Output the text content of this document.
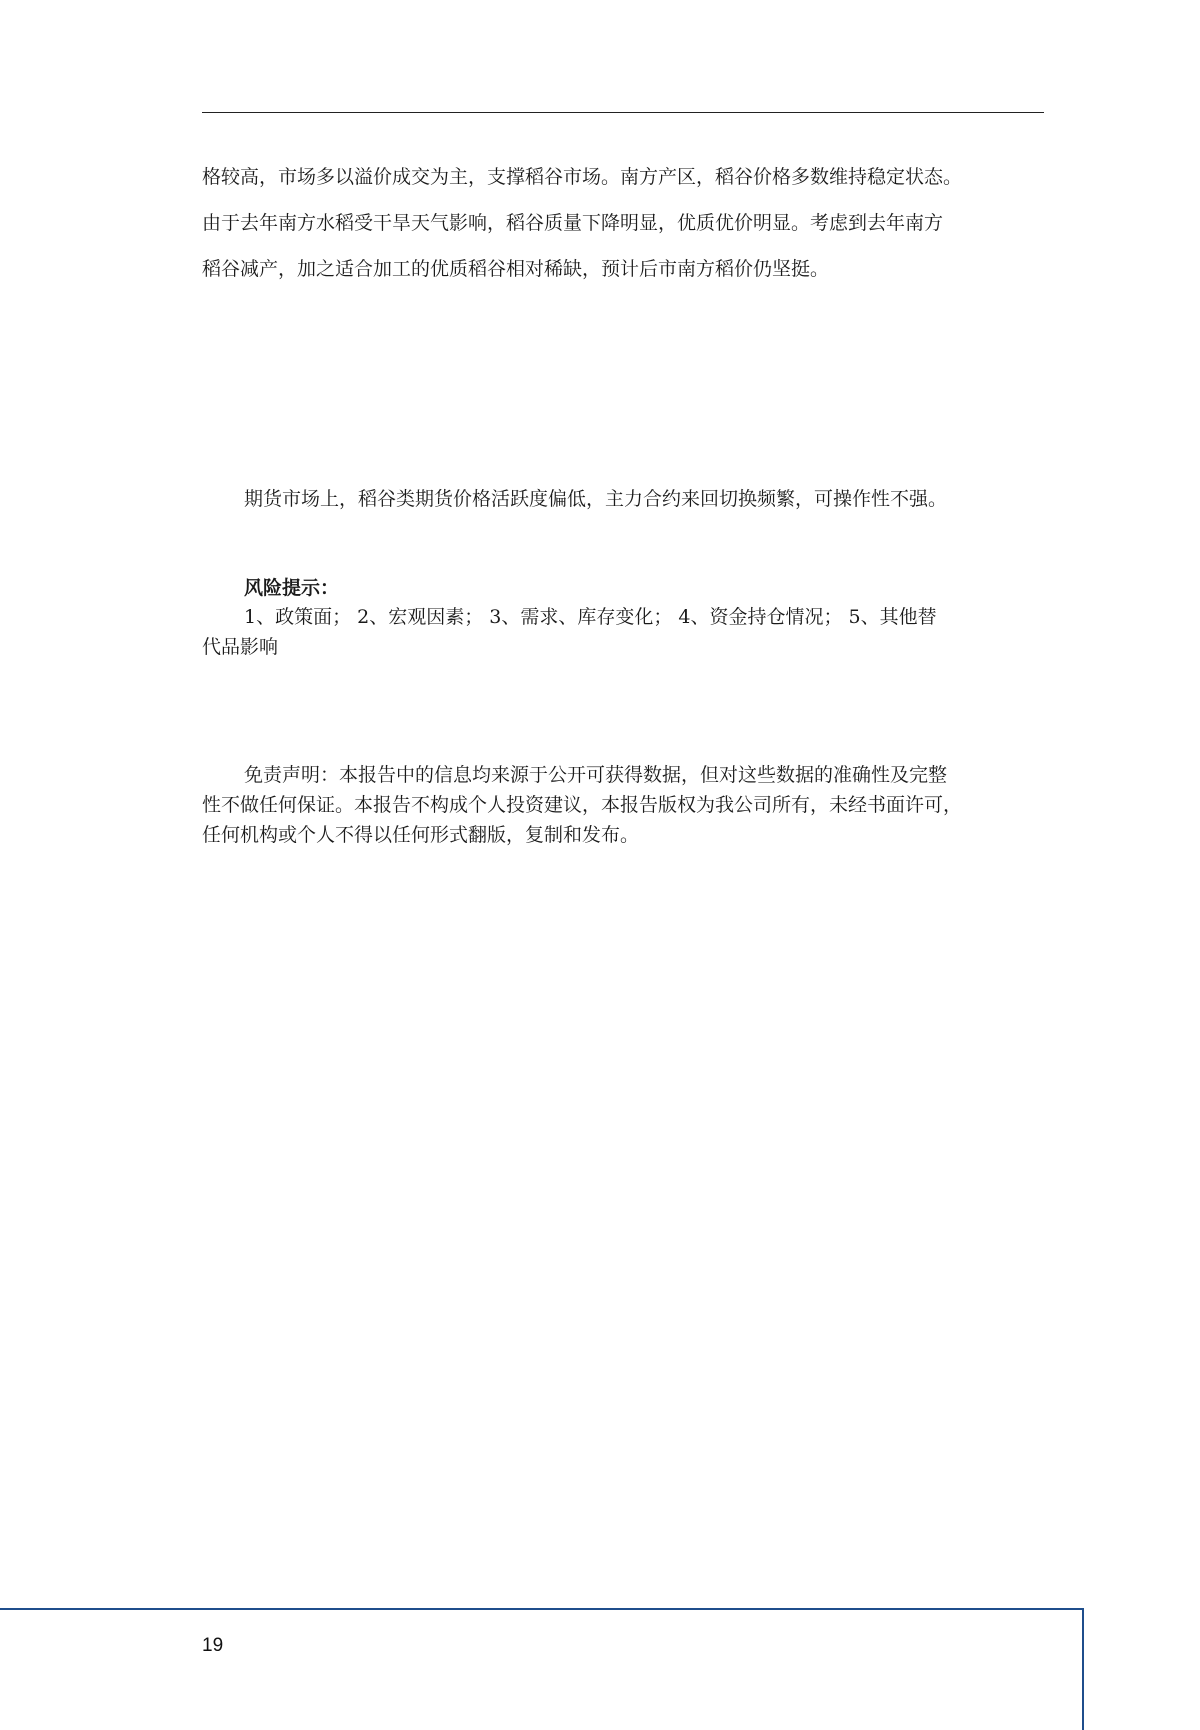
格较高，市场多以溢价成交为主，支撑稻谷市场。南方产区，稻谷价格多数维持稳定状态。
由于去年南方水稻受干旱天气影响，稻谷质量下降明显，优质优价明显。考虑到去年南方
稻谷减产，加之适合加工的优质稻谷相对稀缺，预计后市南方稻价仍坚挺。
期货市场上，稻谷类期货价格活跃度偏低，主力合约来回切换频繁，可操作性不强。
风险提示：
1、政策面； 2、宏观因素； 3、需求、库存变化； 4、资金持仓情况； 5、其他替
代品影响
免责声明：本报告中的信息均来源于公开可获得数据，但对这些数据的准确性及完整
性不做任何保证。本报告不构成个人投资建议，本报告版权为我公司所有，未经书面许可，
任何机构或个人不得以任何形式翻版，复制和发布。
19
